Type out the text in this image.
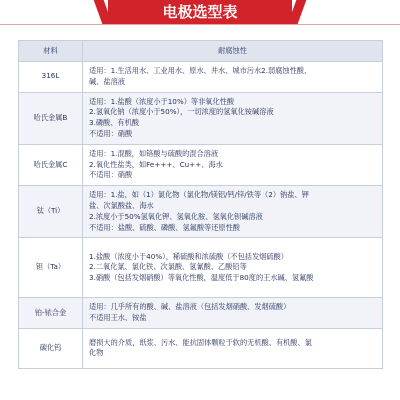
电极选型表
材料	耐腐蚀性
316L	适用：1.生活用水、工业用水、原水、井水、城市污水2.弱腐蚀性酸、
碱、盐溶液

哈氏金属B	适用：1.盐酸（浓度小于10%）等非氧化性酸
2.氢氧化钠（浓度小于50%），一切浓度的氢氧化铵碱溶液
3.磷酸、有机酸
不适用：硝酸

哈氏金属C	适用：1.混酸，如铬酸与硫酸的混合溶液
2.氧化性盐类，如Fe+++、Cu++、海水
不适用：硝酸

钛（Ti）	适用：1.盐，如（1）氯化物（氯化物/镁铝/钙/锌/铁等（2）钠盐、钾
盐、次氯酸盐、海水
2.浓度小于50%氢氧化钾、氢氧化胺、氢氧化钡碱溶液
不适用：盐酸、硫酸、磷酸、氢氟酸等还原性酸

钽（Ta）	1.盐酸（浓度小于40%），稀硫酸和浓硫酸（不包括发烟硫酸）
2.二氧化氯、氯化铁、次氯酸、氢氰酸、乙酸铅等
3.硝酸（包括发烟硝酸）等氧化性酸，温度低于80度的王水碱、氢氟酸

铂-铱合金	适用：几乎所有的酸、碱、盐溶液（包括发烟硝酸、发烟硫酸）
不适用王水、铵盐

碳化钨	磨损大的介质，纸浆、污水、能抗固体颗粒于软的无机酸、有机酸、氯
化物
